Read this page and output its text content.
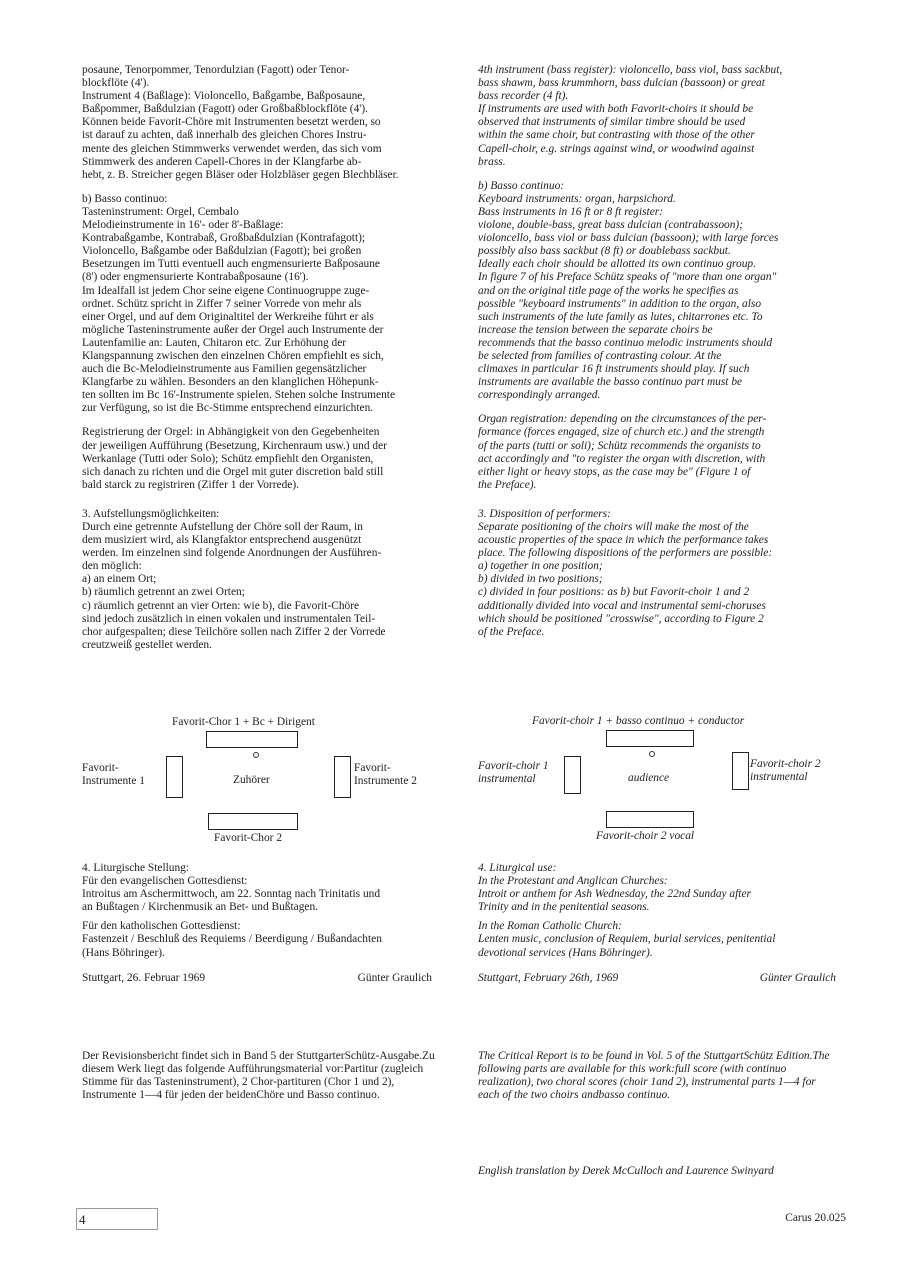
posaune, Tenorpommer, Tenordulzian (Fagott) oder Tenor-
blockflöte (4').
Instrument 4 (Baßlage): Violoncello, Baßgambe, Baßposaune,
Baßpommer, Baßdulzian (Fagott) oder Großbaßblockflöte (4').
Können beide Favorit-Chöre mit Instrumenten besetzt werden, so
ist darauf zu achten, daß innerhalb des gleichen Chores Instru-
mente des gleichen Stimmwerks verwendet werden, das sich vom
Stimmwerk des anderen Capell-Chores in der Klangfarbe ab-
hebt, z. B. Streicher gegen Bläser oder Holzbläser gegen Blechbläser.

b) Basso continuo:
Tasteninstrument: Orgel, Cembalo
Melodieinstrumente in 16'- oder 8'-Baßlage:
Kontrabaßgambe, Kontrabaß, Großbaßdulzian (Kontrafagott);
Violoncello, Baßgambe oder Baßdulzian (Fagott); bei großen
Besetzungen im Tutti eventuell auch engmensurierte Baßposaune
(8') oder engmensurierte Kontrabaßposaune (16').
Im Idealfall ist jedem Chor seine eigene Continuogruppe zuge-
ordnet. Schütz spricht in Ziffer 7 seiner Vorrede von mehr als
einer Orgel, und auf dem Originaltitel der Werkreihe führt er als
mögliche Tasteninstrumente außer der Orgel auch Instrumente der
Lautenfamilie an: Lauten, Chitaron etc. Zur Erhöhung der
Klangspannung zwischen den einzelnen Chören empfiehlt es sich,
auch die Bc-Melodieinstrumente aus Familien gegensätzlicher
Klangfarbe zu wählen. Besonders an den klanglichen Höhepunk-
ten sollten im Bc 16'-Instrumente spielen. Stehen solche Instrumente
zur Verfügung, so ist die Bc-Stimme entsprechend einzurichten.

Registrierung der Orgel: in Abhängigkeit von den Gegebenheiten
der jeweiligen Aufführung (Besetzung, Kirchenraum usw.) und der
Werkanlage (Tutti oder Solo); Schütz empfiehlt den Organisten,
sich danach zu richten und die Orgel mit guter discretion bald still
bald starck zu registriren (Ziffer 1 der Vorrede).

3. Aufstellungsmöglichkeiten:
Durch eine getrennte Aufstellung der Chöre soll der Raum, in
dem musiziert wird, als Klangfaktor entsprechend ausgenützt
werden. Im einzelnen sind folgende Anordnungen der Ausführen-
den möglich:
a) an einem Ort;
b) räumlich getrennt an zwei Orten;
c) räumlich getrennt an vier Orten: wie b), die Favorit-Chöre
sind jedoch zusätzlich in einen vokalen und instrumentalen Teil-
chor aufgespalten; diese Teilchöre sollen nach Ziffer 2 der Vorrede
creutzweiß gestellet werden.

Favorit-Chor 1 + Bc + Dirigent
Favorit-
Instrumente 1	Zuhörer
Favorit-
Instrumente 2
Favorit-Chor 2

4. Liturgische Stellung:
Für den evangelischen Gottesdienst:
Introitus am Aschermittwoch, am 22. Sonntag nach Trinitatis und
an Bußtagen / Kirchenmusik an Bet- und Bußtagen.

Für den katholischen Gottesdienst:
Fastenzeit / Beschluß des Requiems / Beerdigung / Bußandachten
(Hans Böhringer).

Stuttgart, 26. Februar 1969	Günter Graulich
Der Revisionsbericht findet sich in Band 5 der StuttgarterSchütz-Ausgabe.Zu diesem Werk liegt das folgende Aufführungsmaterial vor:Partitur (zugleich Stimme für das Tasteninstrument), 2 Chor-partituren (Chor 1 und 2), Instrumente 1—4 für jeden der beidenChöre und Basso continuo.

4th instrument (bass register): violoncello, bass viol, bass sackbut,
bass shawm, bass krummhorn, bass dulcian (bassoon) or great
bass recorder (4 ft).
If instruments are used with both Favorit-choirs it should be
observed that instruments of similar timbre should be used
within the same choir, but contrasting with those of the other
Capell-choir, e.g. strings against wind, or woodwind against
brass.

b) Basso continuo:
Keyboard instruments: organ, harpsichord.
Bass instruments in 16 ft or 8 ft register:
violone, double-bass, great bass dulcian (contrabassoon);
violoncello, bass viol or bass dulcian (bassoon); with large forces
possibly also bass sackbut (8 ft) or doublebass sackbut.
Ideally each choir should be allotted its own continuo group.
In figure 7 of his Preface Schütz speaks of "more than one organ"
and on the original title page of the works he specifies as
possible "keyboard instruments" in addition to the organ, also
such instruments of the lute family as lutes, chitarrones etc. To
increase the tension between the separate choirs be
recommends that the basso continuo melodic instruments should
be selected from families of contrasting colour. At the
climaxes in particular 16 ft instruments should play. If such
instruments are available the basso continuo part must be
correspondingly arranged.

Organ registration: depending on the circumstances of the per-
formance (forces engaged, size of church etc.) and the strength
of the parts (tutti or soli); Schütz recommends the organists to
act accordingly and "to register the organ with discretion, with
either light or heavy stops, as the case may be" (Figure 1 of
the Preface).

3. Disposition of performers:
Separate positioning of the choirs will make the most of the
acoustic properties of the space in which the performance takes
place. The following dispositions of the performers are possible:
a) together in one position;
b) divided in two positions;
c) divided in four positions: as b) but Favorit-choir 1 and 2
additionally divided into vocal and instrumental semi-choruses
which should be positioned "crosswise", according to Figure 2
of the Preface.

Favorit-choir 1 + basso continuo + conductor
Favorit-choir 1
instrumental	audience
Favorit-choir 2
instrumental
Favorit-choir 2 vocal

4. Liturgical use:
In the Protestant and Anglican Churches:
Introit or anthem for Ash Wednesday, the 22nd Sunday after
Trinity and in the penitential seasons.

In the Roman Catholic Church:
Lenten music, conclusion of Requiem, burial services, penitential
devotional services (Hans Böhringer).

Stuttgart, February 26th, 1969	Günter Graulich
The Critical Report is to be found in Vol. 5 of the StuttgartSchütz Edition.The following parts are available for this work:full score (with continuo realization), two choral scores (choir 1and 2), instrumental parts 1—4 for each of the two choirs andbasso continuo.
English translation by Derek McCulloch and Laurence Swinyard
4	Carus 20.025
